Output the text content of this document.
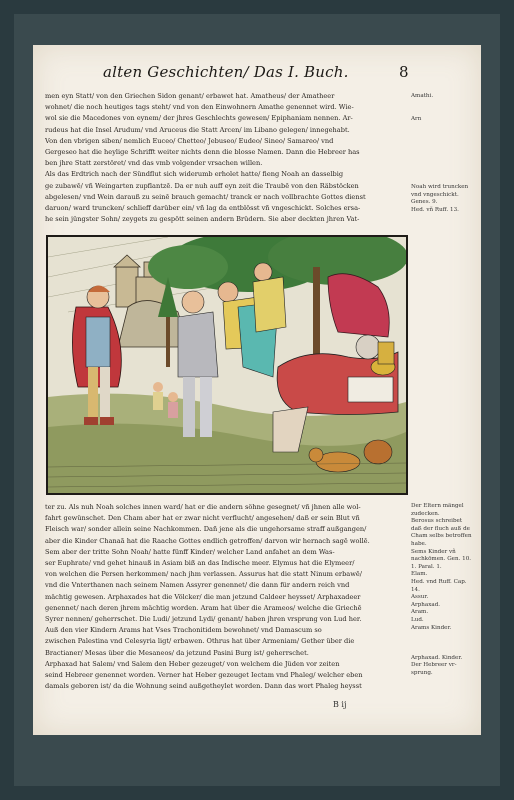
alten Geschichten/ Das I. Buch.	8
men eyn Statt/ von den Griechen Sidon genant/ erbawet hat. Amatheus/ der Amatheer
wohnet/ die noch heutiges tags steht/ vnd von den Einwohnern Amathe genennet wird. Wie-
wol sie die Macedones von eynem/ der jhres Geschlechts gewesen/ Epiphaniam nennen. Ar-
rudeus hat die Insel Arudum/ vnd Aruceus die Statt Arcen/ im Libano gelegen/ innegehabt.
Von den vbrigen siben/ nemlich Euceo/ Chetteo/ Jebuseo/ Eudeo/ Sineo/ Samareo/ vnd
Gergeseo hat die heylige Schrifft weiter nichts denn die blosse Namen. Dann die Hebreer has
ben jhre Statt zerstöret/ vnd das vmb volgender vrsachen willen.
Als das Erdtrich nach der Sündflut sich widerumb erholet hatte/ fieng Noah an dasselbig
ge zubawē/ vñ Weingarten zupflantzē. Da er nuh auff eyn zeit die Traubē von den Räbstöcken
abgelesen/ vnd Wein darauß zu seinē brauch gemacht/ tranck er nach vollbrachte Gottes dienst
daruon/ ward truncken/ schlieff darüber ein/ vñ lag da entblösst vñ vngeschickt. Solches ersa-
he sein jüngster Sohn/ zeygets zu gespött seinen andern Brüdern. Sie aber deckten jhren Vat-
Amathi.

Arn

Noah wird truncken
vnd vngeschickt.
Genes. 9.
Hed. vñ Ruff. 13.
ter zu. Als nuh Noah solches innen ward/ hat er die andern söhne gesegnet/ vñ jhnen alle wol-
fahrt gewünschet. Den Cham aber hat er zwar nicht verflucht/ angesehen/ daß er sein Blut vñ
Fleisch war/ sonder allein seine Nachkommen. Dañ jene als die ungehorsame straff außgangen/
aber die Kinder Chanaã hat die Raache Gottes endlich getroffen/ darvon wir hernach sagē wollē.
Sem aber der tritte Sohn Noah/ hatte fünff Kinder/ welcher Land anfahet an dem Was-
ser Euphrate/ vnd gehet hinauß in Asiam biß an das Indische meer. Elymus hat die Elymeer/
von welchen die Persen herkommen/ nach jhm verlassen. Assurus hat die statt Ninum erbawē/
vnd die Vnterthanen nach seinem Namen Assyrer genennet/ die dann für andern reich vnd
mächtig gewesen. Arphaxades hat die Völcker/ die man jetzund Caldeer heysset/ Arphaxadeer
genennet/ nach deren jhrem mächtig worden. Aram hat über die Arameos/ welche die Griechē
Syrer nennen/ geherrschet. Die Ludi/ jetzund Lydi/ genant/ haben jhren vrsprung von Lud her.
Auß den vier Kindern Arams hat Vses Trachonitidem bewohnet/ vnd Damascum so
zwischen Palestina vnd Celesyria ligt/ erbawen. Othrus hat über Armeniam/ Gether über die
Bractianer/ Mesas über die Mesaneos/ da jetzund Pasini Burg ist/ geherrschet.
Arphaxad hat Salem/ vnd Salem den Heber gezeuget/ von welchem die Jüden vor zeiten
seind Hebreer genennet worden. Verner hat Heber gezeuget Iectam vnd Phaleg/ welcher eben
damals geboren ist/ da die Wohnung seind außgetheylet worden. Dann das wort Phaleg heysst
Der Eltern mängel
zudecken.
Berosus schreibet
daß der fluch auß de
Cham selbs betroffen
habe.
Sems Kinder vñ
nachkōmen. Gen. 10.
1. Paral. 1.
Elam.
Hed. vnd Ruff. Cap.
14.
Assur.
Arphaxad.
Aram.
Lud.
Arams Kinder.

Arphaxad. Kinder.
Der Hebreer vr-
sprung.
B ij
